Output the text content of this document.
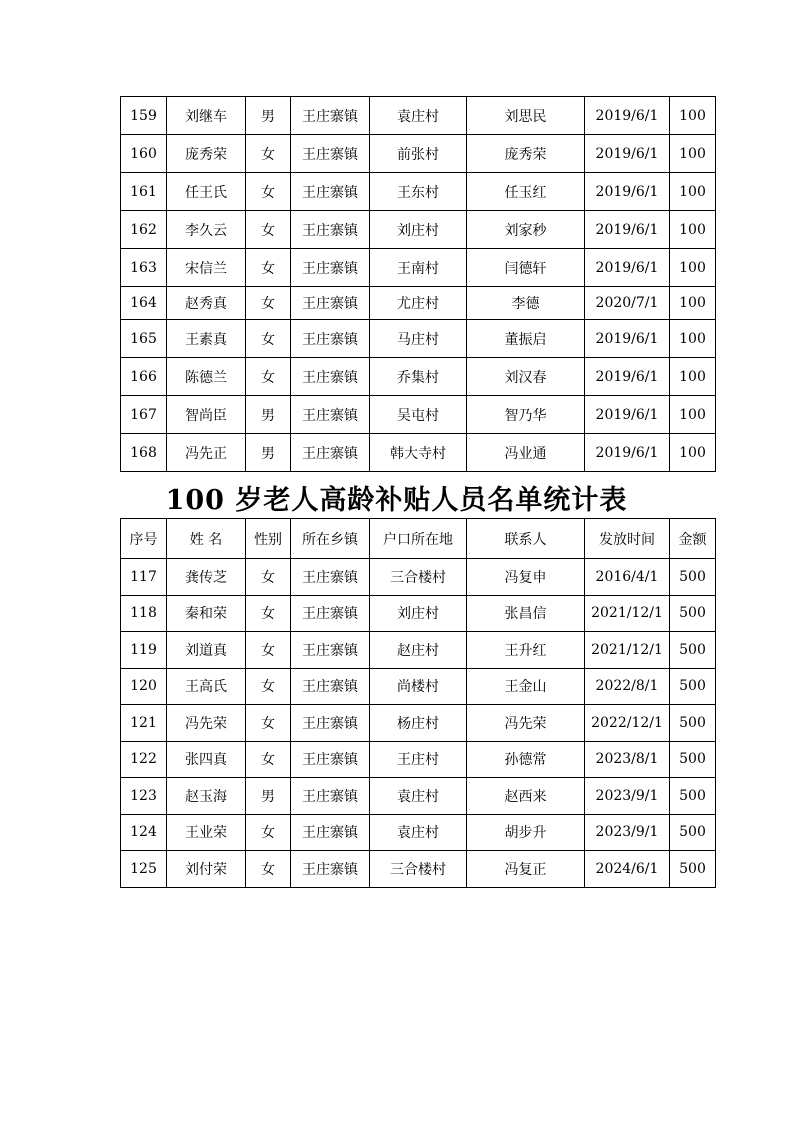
159	刘继车	男	王庄寨镇	袁庄村	刘思民	2019/6/1	100
160	庞秀荣	女	王庄寨镇	前张村	庞秀荣	2019/6/1	100
161	任王氏	女	王庄寨镇	王东村	任玉红	2019/6/1	100
162	李久云	女	王庄寨镇	刘庄村	刘家秒	2019/6/1	100
163	宋信兰	女	王庄寨镇	王南村	闫德轩	2019/6/1	100
164	赵秀真	女	王庄寨镇	尤庄村	李德	2020/7/1	100
165	王素真	女	王庄寨镇	马庄村	董振启	2019/6/1	100
166	陈德兰	女	王庄寨镇	乔集村	刘汉春	2019/6/1	100
167	智尚臣	男	王庄寨镇	吴屯村	智乃华	2019/6/1	100
168	冯先正	男	王庄寨镇	韩大寺村	冯业通	2019/6/1	100
100 岁老人高龄补贴人员名单统计表
序号	姓 名	性别	所在乡镇	户口所在地	联系人	发放时间	金额
117	龚传芝	女	王庄寨镇	三合楼村	冯复申	2016/4/1	500
118	秦和荣	女	王庄寨镇	刘庄村	张昌信	2021/12/1	500
119	刘道真	女	王庄寨镇	赵庄村	王升红	2021/12/1	500
120	王高氏	女	王庄寨镇	尚楼村	王金山	2022/8/1	500
121	冯先荣	女	王庄寨镇	杨庄村	冯先荣	2022/12/1	500
122	张四真	女	王庄寨镇	王庄村	孙德常	2023/8/1	500
123	赵玉海	男	王庄寨镇	袁庄村	赵西来	2023/9/1	500
124	王业荣	女	王庄寨镇	袁庄村	胡步升	2023/9/1	500
125	刘付荣	女	王庄寨镇	三合楼村	冯复正	2024/6/1	500
